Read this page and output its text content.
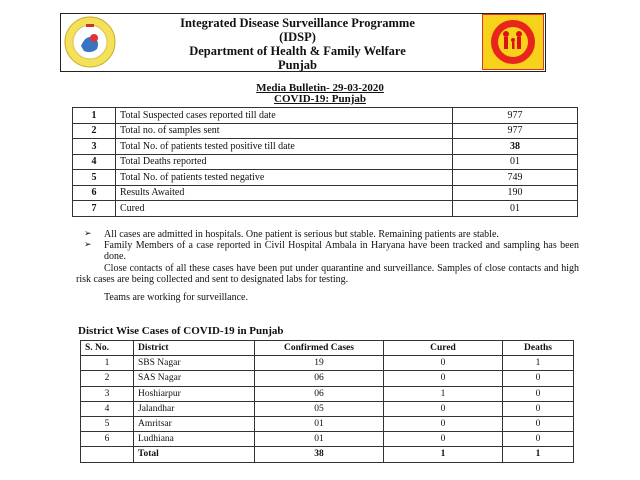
Integrated Disease Surveillance Programme
(IDSP)
Department of Health & Family Welfare
Punjab
Media Bulletin- 29-03-2020
COVID-19: Punjab
1	Total Suspected cases reported till date	977
2	Total no. of samples sent	977
3	Total No. of patients tested positive till date	38
4	Total Deaths reported	01
5	Total No. of patients tested negative	749
6	Results Awaited	190
7	Cured	01
➢ All cases are admitted in hospitals. One patient is serious but stable. Remaining patients are stable.
➢ Family Members of a case reported in Civil Hospital Ambala in Haryana have been tracked and sampling has been done.
Close contacts of all these cases have been put under quarantine and surveillance. Samples of close contacts and high risk cases are being collected and sent to designated labs for testing.
Teams are working for surveillance.
District Wise Cases of COVID-19 in Punjab
S. No.	District	Confirmed Cases	Cured	Deaths
1	SBS Nagar	19	0	1
2	SAS Nagar	06	0	0
3	Hoshiarpur	06	1	0
4	Jalandhar	05	0	0
5	Amritsar	01	0	0
6	Ludhiana	01	0	0
	Total	38	1	1
